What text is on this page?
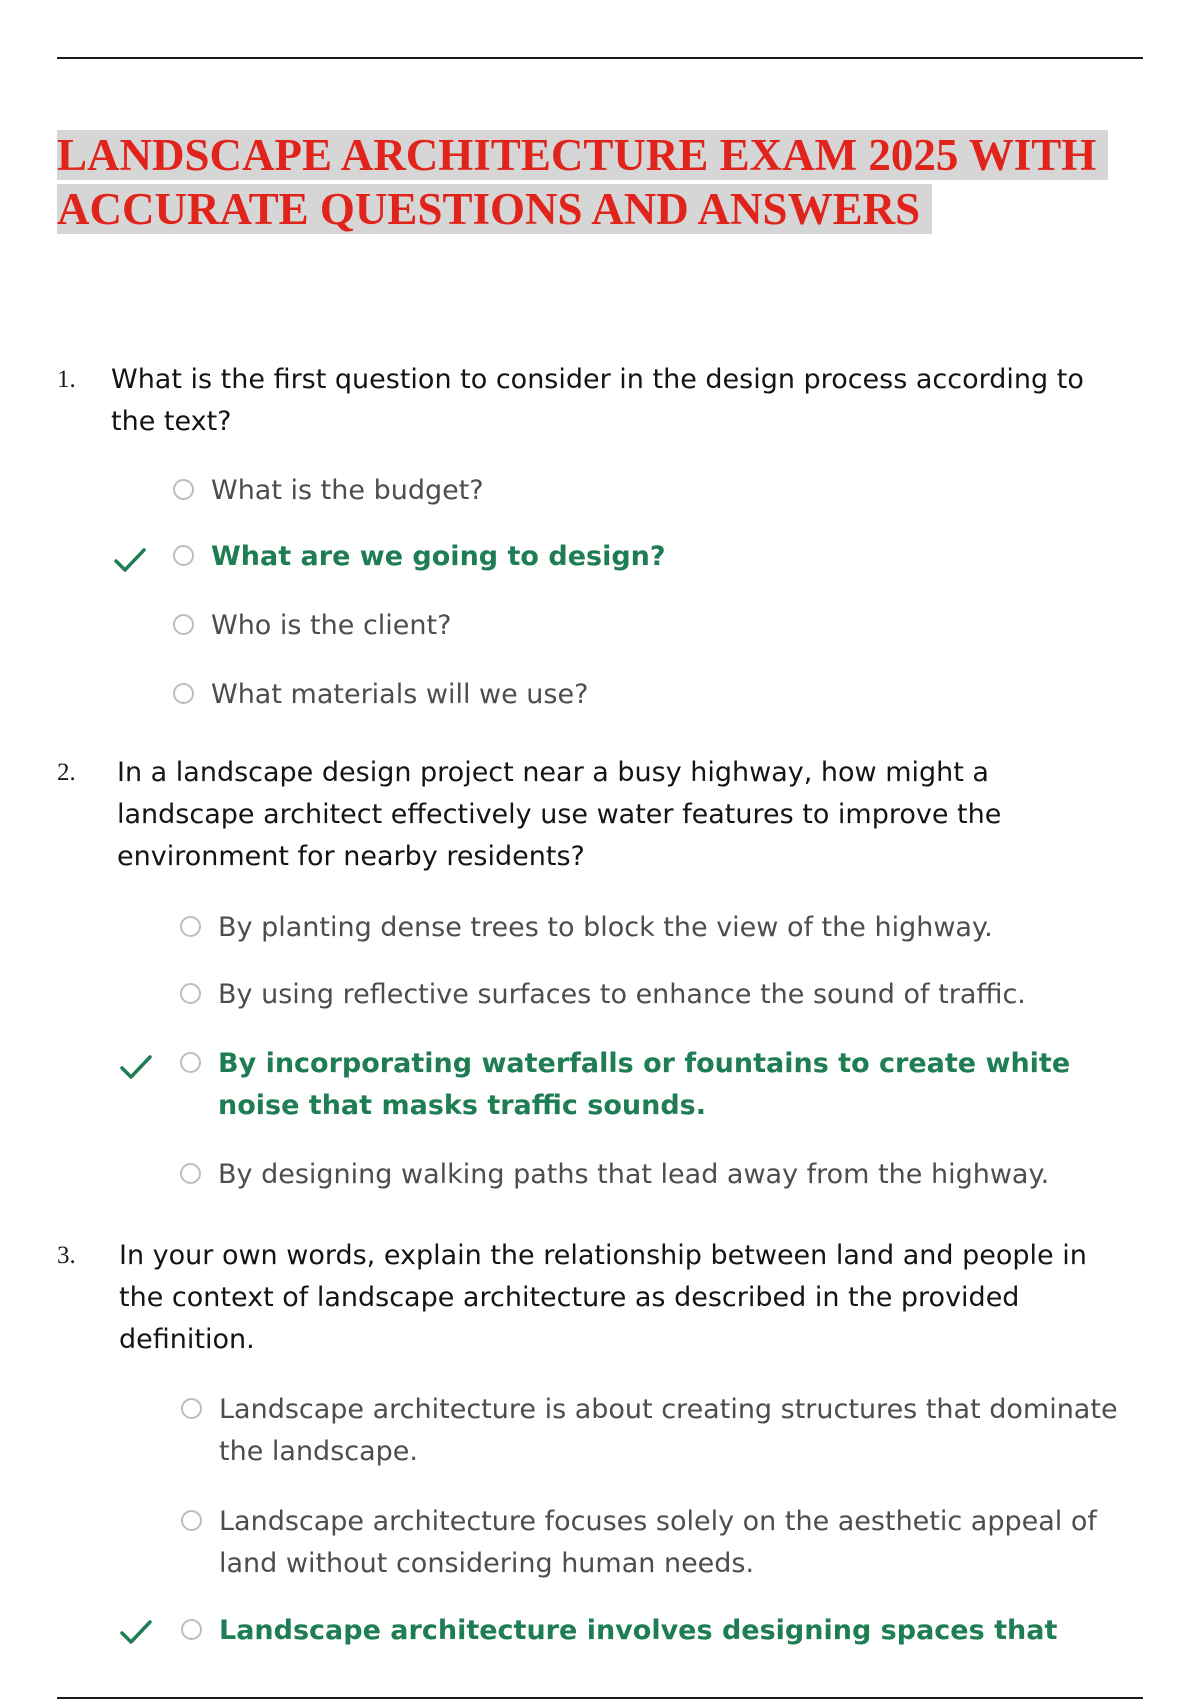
LANDSCAPE ARCHITECTURE EXAM 2025 WITH
ACCURATE QUESTIONS AND ANSWERS
1. What is the first question to consider in the design process according to the text?

What is the budget?

What are we going to design?

Who is the client?

What materials will we use?

2. In a landscape design project near a busy highway, how might a landscape architect effectively use water features to improve the environment for nearby residents?

By planting dense trees to block the view of the highway.

By using reflective surfaces to enhance the sound of traffic.

By incorporating waterfalls or fountains to create white noise that masks traffic sounds.

By designing walking paths that lead away from the highway.

3. In your own words, explain the relationship between land and people in the context of landscape architecture as described in the provided definition.

Landscape architecture is about creating structures that dominate the landscape.

Landscape architecture focuses solely on the aesthetic appeal of land without considering human needs.

Landscape architecture involves designing spaces that
